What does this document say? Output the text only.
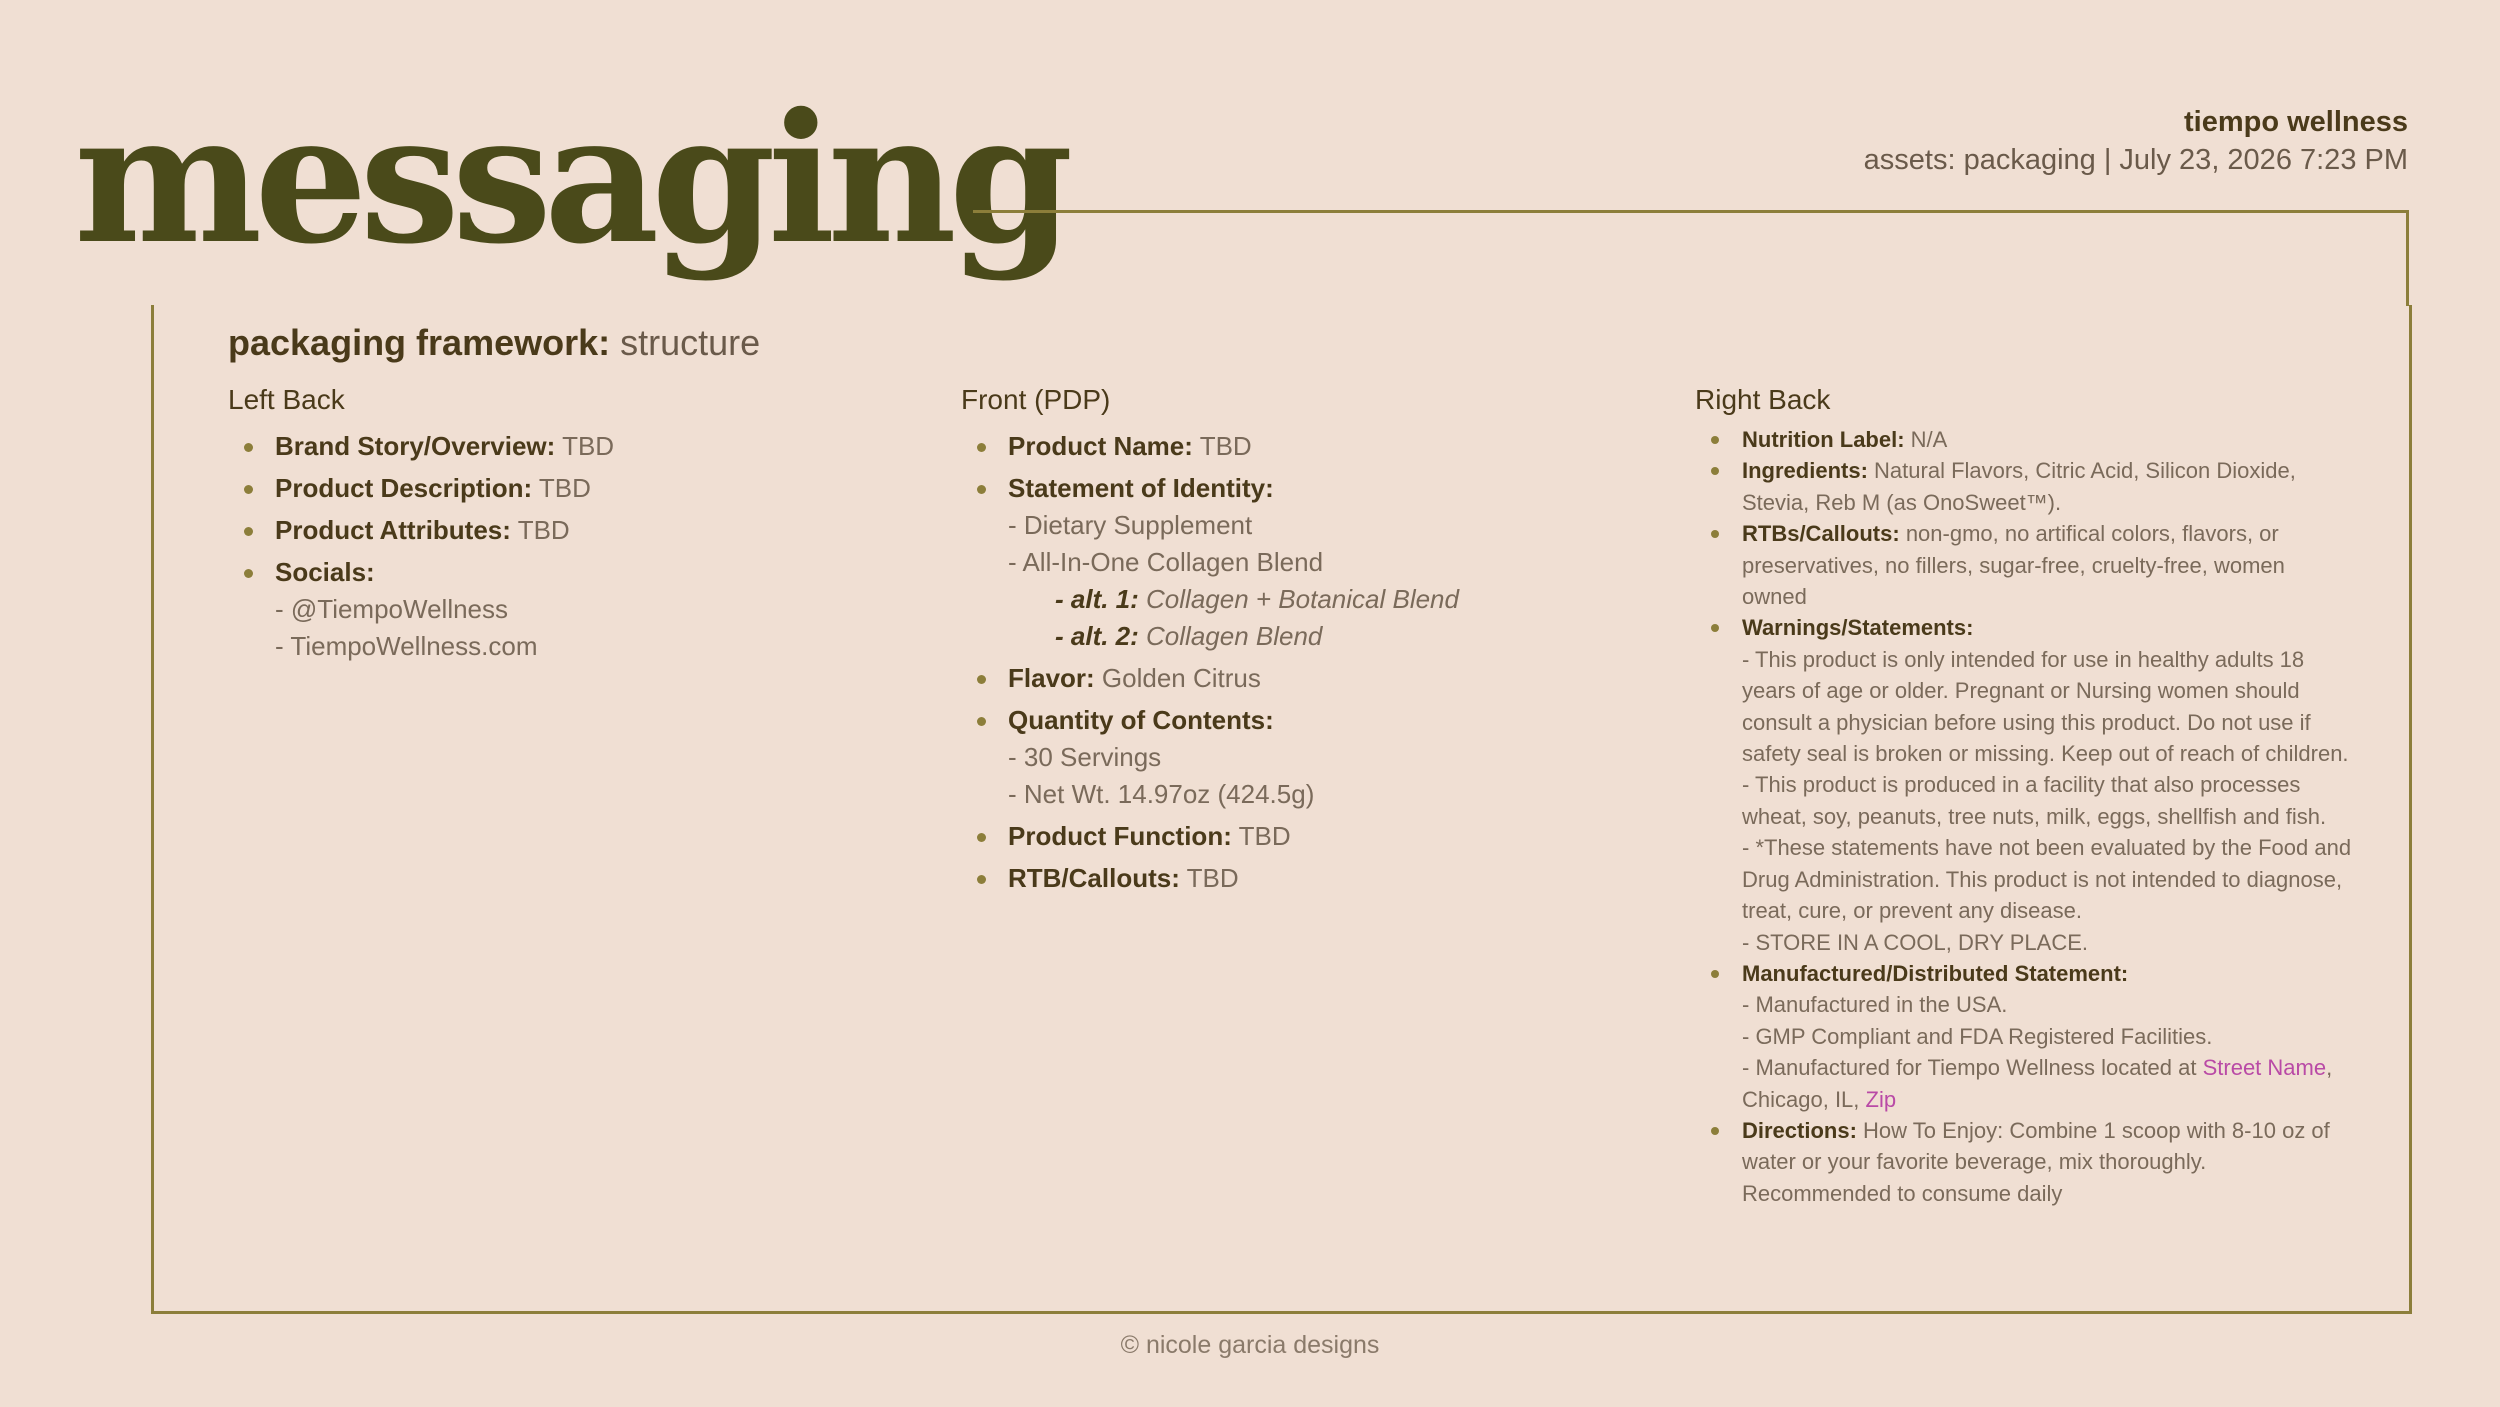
messaging	tiempo wellness
assets: packaging | July 23, 2026 7:23 PM
packaging framework: structure
Left Back
Brand Story/Overview: TBD
Product Description: TBD
Product Attributes: TBD
Socials:
- @TiempoWellness
- TiempoWellness.com
Front (PDP)
Product Name: TBD
Statement of Identity:
- Dietary Supplement
- All-In-One Collagen Blend
- alt. 1: Collagen + Botanical Blend
- alt. 2: Collagen Blend
Flavor: Golden Citrus
Quantity of Contents:
- 30 Servings
- Net Wt. 14.97oz (424.5g)
Product Function: TBD
RTB/Callouts: TBD
Right Back
Nutrition Label: N/A
Ingredients: Natural Flavors, Citric Acid, Silicon Dioxide, Stevia, Reb M (as OnoSweet™).
RTBs/Callouts: non-gmo, no artifical colors, flavors, or preservatives, no fillers, sugar-free, cruelty-free, women owned
Warnings/Statements:
- This product is only intended for use in healthy adults 18 years of age or older. Pregnant or Nursing women should consult a physician before using this product. Do not use if safety seal is broken or missing. Keep out of reach of children.
- This product is produced in a facility that also processes wheat, soy, peanuts, tree nuts, milk, eggs, shellfish and fish.
- *These statements have not been evaluated by the Food and Drug Administration. This product is not intended to diagnose, treat, cure, or prevent any disease.
- STORE IN A COOL, DRY PLACE.
Manufactured/Distributed Statement:
- Manufactured in the USA.
- GMP Compliant and FDA Registered Facilities.
- Manufactured for Tiempo Wellness located at Street Name, Chicago, IL, Zip
Directions: How To Enjoy: Combine 1 scoop with 8-10 oz of water or your favorite beverage, mix thoroughly. Recommended to consume daily
© nicole garcia designs
